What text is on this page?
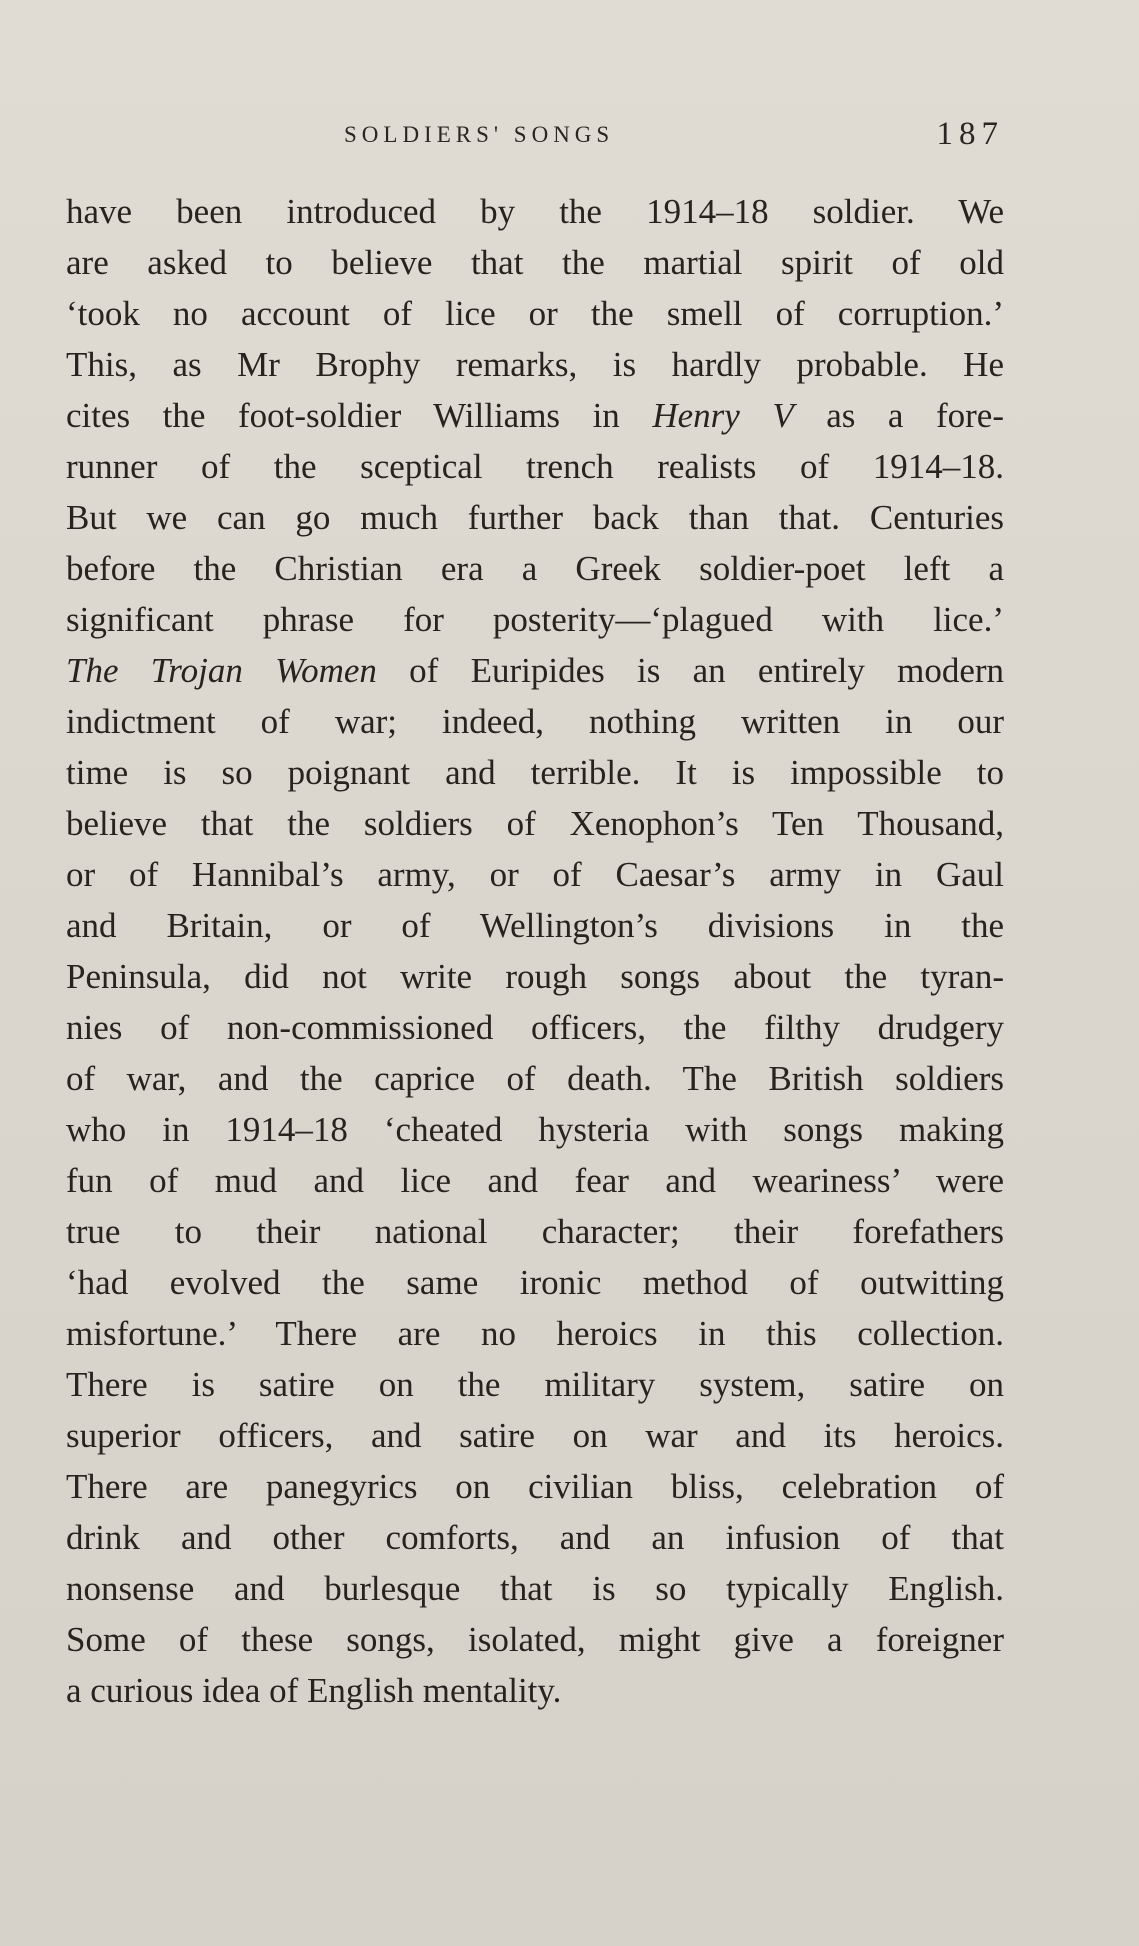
SOLDIERS' SONGS	187
have been introduced by the 1914–18 soldier. We
are asked to believe that the martial spirit of old
‘took no account of lice or the smell of corruption.’
This, as Mr Brophy remarks, is hardly probable. He
cites the foot-soldier Williams in Henry V as a fore-
runner of the sceptical trench realists of 1914–18.
But we can go much further back than that. Centuries
before the Christian era a Greek soldier-poet left a
significant phrase for posterity—‘plagued with lice.’
The Trojan Women of Euripides is an entirely modern
indictment of war; indeed, nothing written in our
time is so poignant and terrible. It is impossible to
believe that the soldiers of Xenophon’s Ten Thousand,
or of Hannibal’s army, or of Caesar’s army in Gaul
and Britain, or of Wellington’s divisions in the
Peninsula, did not write rough songs about the tyran-
nies of non-commissioned officers, the filthy drudgery
of war, and the caprice of death. The British soldiers
who in 1914–18 ‘cheated hysteria with songs making
fun of mud and lice and fear and weariness’ were
true to their national character; their forefathers
‘had evolved the same ironic method of outwitting
misfortune.’ There are no heroics in this collection.
There is satire on the military system, satire on
superior officers, and satire on war and its heroics.
There are panegyrics on civilian bliss, celebration of
drink and other comforts, and an infusion of that
nonsense and burlesque that is so typically English.
Some of these songs, isolated, might give a foreigner
a curious idea of English mentality.
